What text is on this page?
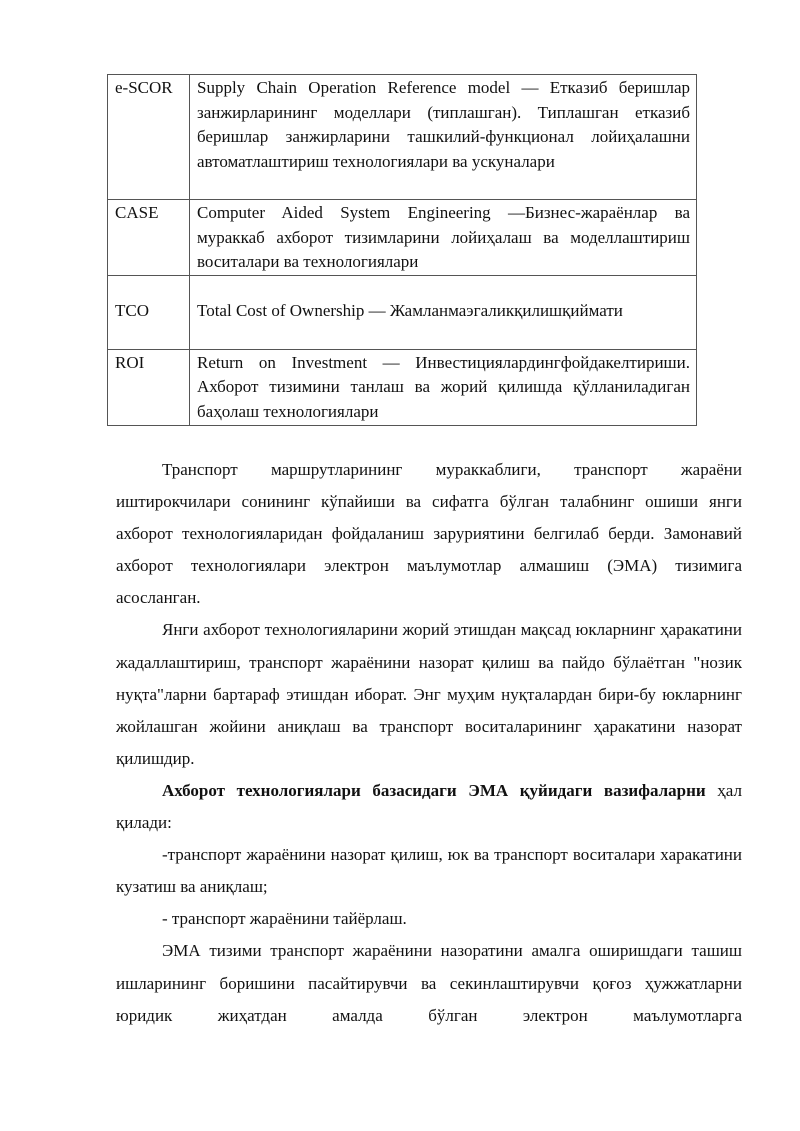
e-SCOR	Supply Chain Operation Reference model — Етказиб беришлар занжирларининг моделлари (типлашган). Типлашган етказиб беришлар занжирларини ташкилий-функционал лойиҳалашни автоматлаштириш технологиялари ва ускуналари
CASE	Computer Aided System Engineering —Бизнес-жараёнлар ва мураккаб ахборот тизимларини лойиҳалаш ва моделлаштириш воситалари ва технологиялари
TCO	Total Cost of Ownership — Жамланмаэгаликқилишқиймати
ROI	Return on Investment — Инвестициялардингфойдакелтириши. Ахборот тизимини танлаш ва жорий қилишда қўлланиладиган баҳолаш технологиялари

Транспорт маршрутларининг мураккаблиги, транспорт жараёни иштирокчилари сонининг кўпайиши ва сифатга бўлган талабнинг ошиши янги ахборот технологияларидан фойдаланиш заруриятини белгилаб берди. Замонавий ахборот технологиялари электрон маълумотлар алмашиш (ЭМА) тизимига асосланган.

Янги ахборот технологияларини жорий этишдан мақсад юкларнинг ҳаракатини жадаллаштириш, транспорт жараёнини назорат қилиш ва пайдо бўлаётган "нозик нуқта"ларни бартараф этишдан иборат. Энг муҳим нуқталардан бири-бу юкларнинг жойлашган жойини аниқлаш ва транспорт воситаларининг ҳаракатини назорат қилишдир.

Ахборот технологиялари базасидаги ЭМА қуйидаги вазифаларни ҳал қилади:

-транспорт жараёнини назорат қилиш, юк ва транспорт воситалари харакатини кузатиш ва аниқлаш;

- транспорт жараёнини тайёрлаш.

ЭМА тизими транспорт жараёнини назоратини амалга оширишдаги ташиш ишларининг боришини пасайтирувчи ва секинлаштирувчи қоғоз ҳужжатларни юридик жиҳатдан амалда бўлган электрон маълумотларга
